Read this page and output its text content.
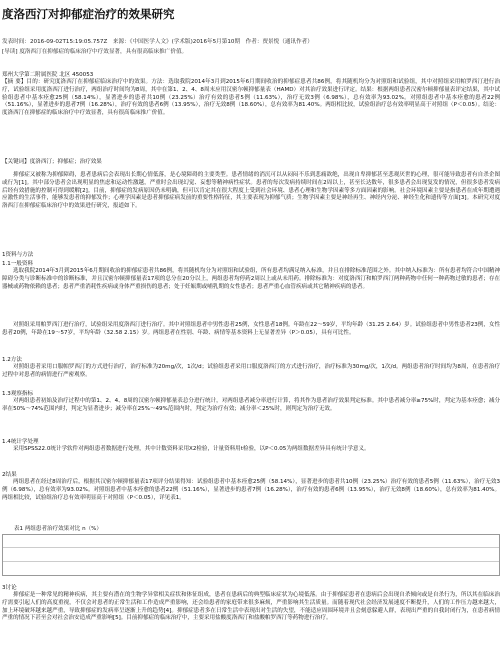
度洛西汀对抑郁症治疗的效果研究
发表时间：2016-09-02T15:19:05.757Z　来源：《中国医学人文》(学术版)2016年5月第10期　作者：贾景悦（通讯作者）
[导读] 度洛西汀在抑郁症的临床治疗中疗效显著，具有很高临床推广价值。
郑州大学第二附属医院 北区 450053
【摘 要】目的：研究度洛西汀在抑郁症临床治疗中的效果。方法：选取我院2014年3月到2015年6月期间收治的抑郁症患者共86例，将其随机均分为对照组和试验组，其中对照组采用帕罗西汀进行治疗，试验组采用度洛西汀进行治疗，两组治疗时间均为8周，其中在第1、2、4、8周末应用汉密尔顿抑郁量表（HAMD）对其治疗效果进行评定。结果：根据两组患者汉密尔顿抑郁量表评定结果，其中试验组患者中基本痊愈25例（58.14%），显著进步的患者共10例（23.25%）治疗有效的患者5例（11.63%），治疗无效3例（6.98%），总有效率为93.02%。对照组患者中基本痊愈的患者22例（51.16%），显著进步的患者7例（16.28%），治疗有效的患者6例（13.95%），治疗无效8例（18.60%），总有效率为81.40%。两组相比较，试验组治疗总有效率明显高于对照组（P＜0.05）。结论：度洛西汀在抑郁症的临床治疗中疗效显著，具有很高临床推广价值。
【关键词】度洛西汀；抑郁症；治疗效果
抑郁症又被称为抑郁障碍，患者患病后会表现出长期心情低落，是心境障碍的主要类型。患者情绪的消沉可以从闷闷不乐到悲痛欲绝，出现自卑抑郁甚至悲观厌世的心理，很可能导致患者有自杀企图或行为[1]。其中部分患者会出现明显的焦虑和运动性激越，严重时会出现幻觉、妄想等精神病性症状。患者的每次发病持续时间在2周以上，甚至长达数年，很多患者会出现复发的情况，但很多患者发病后经有效措施的控制可得到缓解[2]。目前，抑郁症的发病原因仍未明确，但可以肯定其在很大程度上受到社会环境、患者心理和生物学因素等多方面因素的影响。社会环境因素主要是指患者在成年期遭遇应激性的生活事件，能够发患者的抑郁发作；心理学因素是患者抑郁症病发前的重要性格特征，其主要表现为抑郁气质；生物学因素主要是神经再生、神经内分泌、神经生化和遗传等方面[3]。本研究对度洛西汀在抑郁症临床治疗中的效果进行研究，报道如下。
1资料与方法
1.1一般资料
选取我院2014年3月到2015年6月期间收治的抑郁症患者共86例，将其随机均分为对照组和试验组，所有患者均满足纳入标准，并且在排除标准范围之外。其中纳入标准为：所有患者均符合中国精神障碍分类与诊断标准中的诊断标准，并且汉密尔顿抑郁量表17项的总分在20分以上，两组患者均停药2周以上或从未用药。排除标准为：对度洛西汀和帕罗西汀两种药物中任何一种药物过敏的患者；存在器械或药物依赖的患者；患者严重消耗性疾病或身体严重损伤的患者；处于妊娠期或哺乳期的女性患者；患者严重心血管疾病或其它精神疾病的患者。
对照组采用帕罗西汀进行治疗，试验组采用度洛西汀进行治疗。其中对照组患者中男性患者25例，女性患者18例。年龄在22～59岁，平均年龄（31.25 2.64）岁。试验组患者中男性患者23例，女性患者20例，年龄在19～57岁，平均年龄（32.58 2.15）岁。两组患者在性别、年龄、病情等基本资料上无显著差异（P＞0.05），具有可比性。
1.2方法
对照组患者采用口服帕罗西汀的方式进行治疗，治疗标准为20mg/次，1次/d；试验组患者采用口服度洛西汀的方式进行治疗，治疗标准为30mg/次，1次/d。两组患者治疗时间均为8周，在患者治疗过程中对患者的病情进行严密观察。
1.3观察指标
对两组患者初始及治疗过程中的第1、2、4、8周的汉密尔顿抑郁量表总分进行统计，对两组患者减分率进行计算，将其作为患者治疗效果判定标准。其中患者减分率≥75%时，判定为基本痊愈；减分率在50%～74%范围内时，判定为显著进步；减分率在25%～49%范围内时，判定为治疗有效；减分率＜25%时，则判定为治疗无效。
1.4统计学处理
采用SPSS22.0统计学软件对两组患者数据进行处理，其中计数资料采用X2检验，计量资料用t检验，以P＜0.05为两组数据差异具有统计学意义。
2结果
两组患者在经过8周治疗后，根据其汉密尔顿抑郁量表17项评分结果得知：试验组患者中基本痊愈25例（58.14%），显著进步的患者共10例（23.25%）治疗有效的患者5例（11.63%），治疗无效3例（6.98%），总有效率为93.02%。对照组患者中基本痊愈的患者22例（51.16%），显著进步的患者7例（16.28%），治疗有效的患者6例（13.95%），治疗无效8例（18.60%），总有效率为81.40%。两组相比较，试验组治疗总有效率明显高于对照组（P＜0.05），详见表1。
表1 两组患者治疗效果对比 n（%）
3讨论
抑郁症是一种常见的精神疾病，其主要有潜在的生物学异常相关症状和体征组成，患者在患病后的典型临床症状为心境低落。由于抑郁症患者在患病后会出现自杀倾向或是自杀行为，所以其在临床治疗需要引起人们的高度重视，不仅会对患者的正常生活和工作造成严重影响，还会给患者的家庭带来很多麻烦，严重影响其生活质量。而随着现代社会经济发展速度不断提升，人们的工作压力越来越大，加上环境破坏越来越严重，导致抑郁症的发病率呈逐渐上升的趋势[4]。抑郁症患者多在日常生活中表现出对生活的失望，不能适应周围环境并且会刻意躲避人群，表现出严重的自我封闭行为，在患者病情严重的情况下甚至会对社会治安造成严重影响[5]。目前抑郁症的临床治疗中，主要采用盐酸度洛西汀和盐酸帕罗西汀等药物进行治疗。
